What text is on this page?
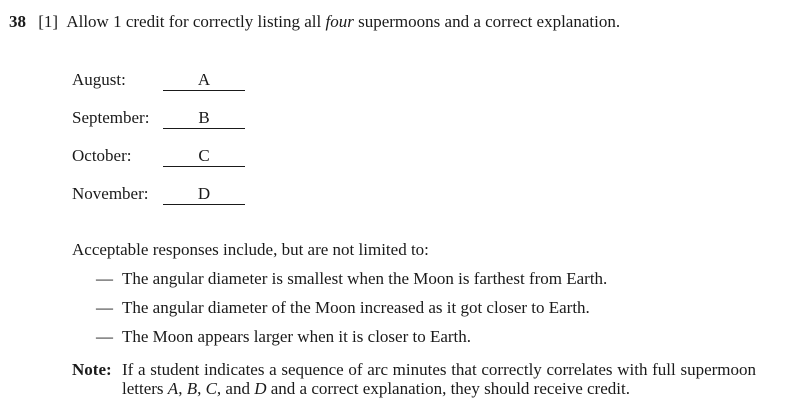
38 [1] Allow 1 credit for correctly listing all four supermoons and a correct explanation.
August:	A
September:	B
October:	C
November:	D
Acceptable responses include, but are not limited to:
— The angular diameter is smallest when the Moon is farthest from Earth.
— The angular diameter of the Moon increased as it got closer to Earth.
— The Moon appears larger when it is closer to Earth.
Note: If a student indicates a sequence of arc minutes that correctly correlates with full supermoon letters A, B, C, and D and a correct explanation, they should receive credit.
